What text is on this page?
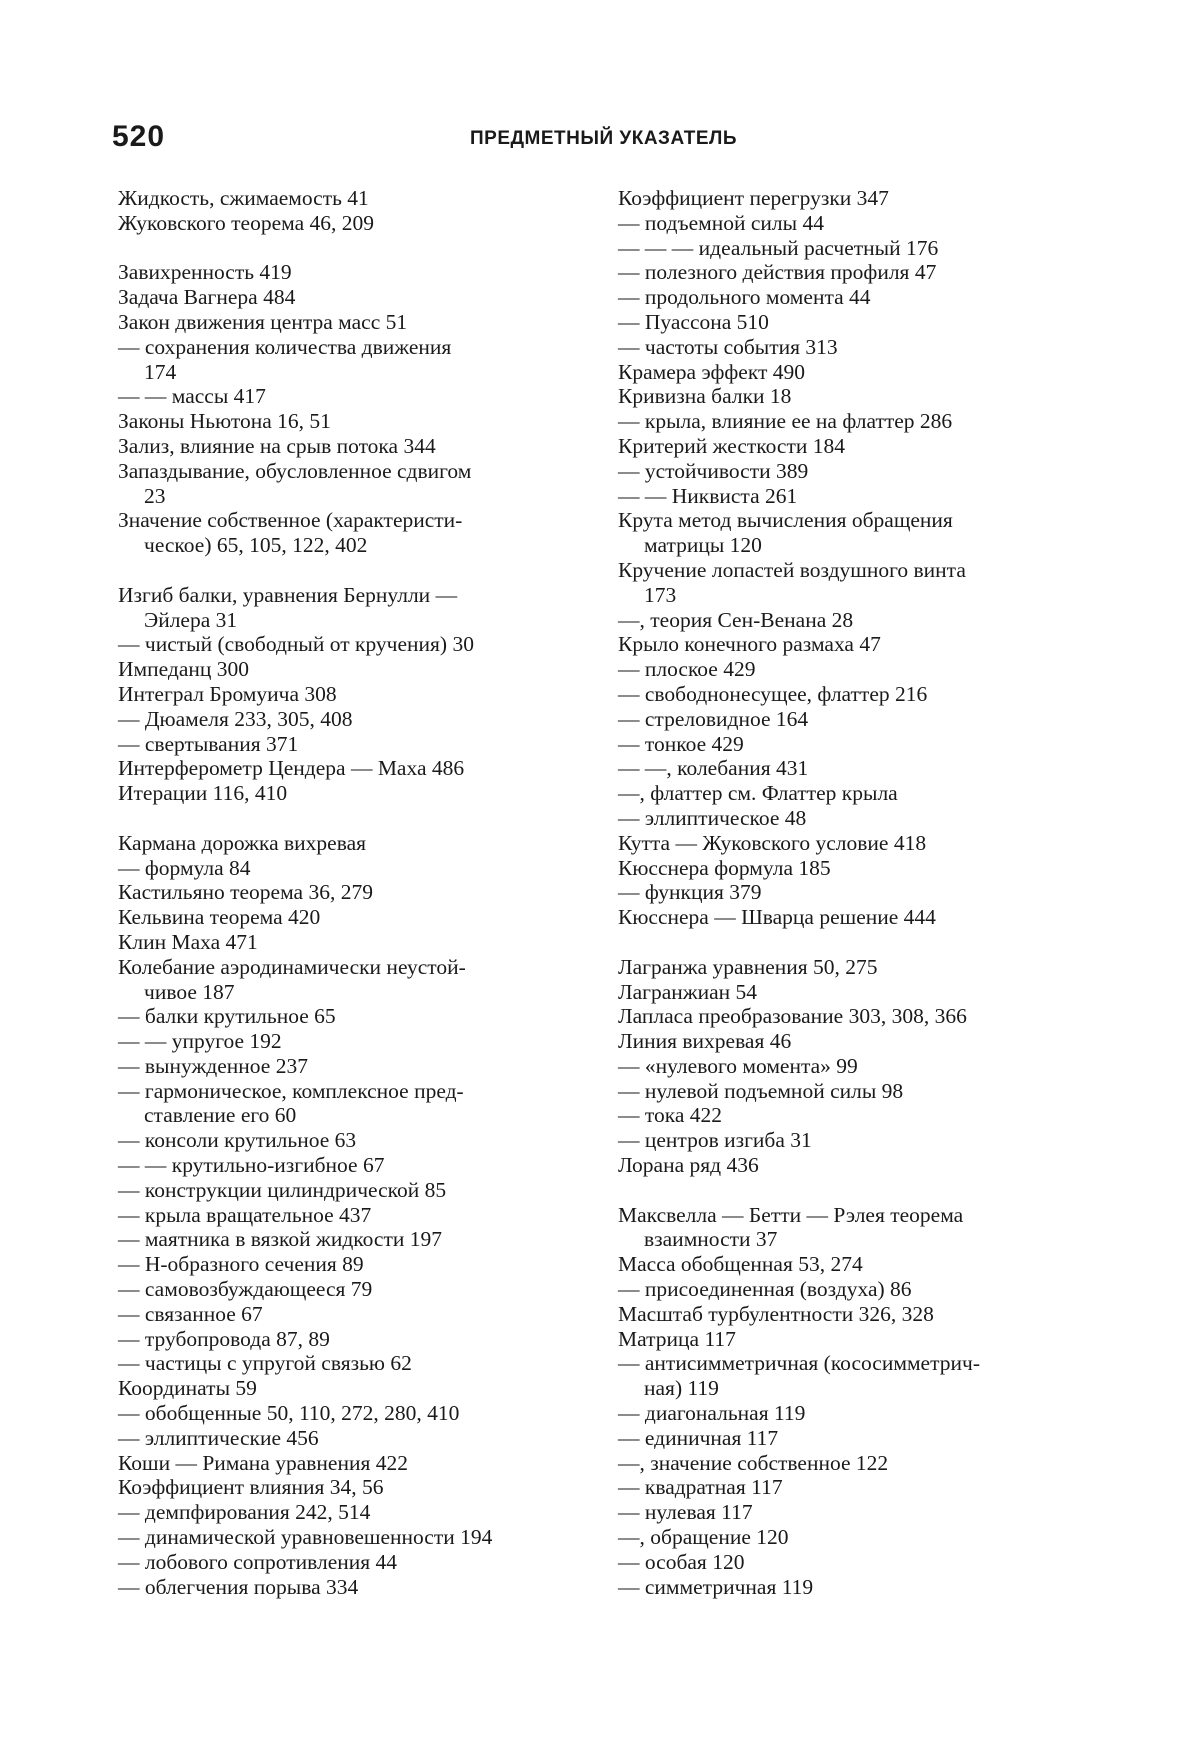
520	ПРЕДМЕТНЫЙ УКАЗАТЕЛЬ
Жидкость, сжимаемость 41
Жуковского теорема 46, 209
Завихренность 419
Задача Вагнера 484
Закон движения центра масс 51
— сохранения количества движения
174
— — массы 417
Законы Ньютона 16, 51
Зализ, влияние на срыв потока 344
Запаздывание, обусловленное сдвигом
23
Значение собственное (характеристи-
ческое) 65, 105, 122, 402
Изгиб балки, уравнения Бернулли —
Эйлера 31
— чистый (свободный от кручения) 30
Импеданц 300
Интеграл Бромуича 308
— Дюамеля 233, 305, 408
— свертывания 371
Интерферометр Цендера — Маха 486
Итерации 116, 410
Кармана дорожка вихревая
— формула 84
Кастильяно теорема 36, 279
Кельвина теорема 420
Клин Маха 471
Колебание аэродинамически неустой-
чивое 187
— балки крутильное 65
— — упругое 192
— вынужденное 237
— гармоническое, комплексное пред-
ставление его 60
— консоли крутильное 63
— — крутильно-изгибное 67
— конструкции цилиндрической 85
— крыла вращательное 437
— маятника в вязкой жидкости 197
— Н-образного сечения 89
— самовозбуждающееся 79
— связанное 67
— трубопровода 87, 89
— частицы с упругой связью 62
Координаты 59
— обобщенные 50, 110, 272, 280, 410
— эллиптические 456
Коши — Римана уравнения 422
Коэффициент влияния 34, 56
— демпфирования 242, 514
— динамической уравновешенности 194
— лобового сопротивления 44
— облегчения порыва 334
Коэффициент перегрузки 347
— подъемной силы 44
— — — идеальный расчетный 176
— полезного действия профиля 47
— продольного момента 44
— Пуассона 510
— частоты события 313
Крамера эффект 490
Кривизна балки 18
— крыла, влияние ее на флаттер 286
Критерий жесткости 184
— устойчивости 389
— — Никвиста 261
Крута метод вычисления обращения
матрицы 120
Кручение лопастей воздушного винта
173
—, теория Сен-Венана 28
Крыло конечного размаха 47
— плоское 429
— свободнонесущее, флаттер 216
— стреловидное 164
— тонкое 429
— —, колебания 431
—, флаттер см. Флаттер крыла
— эллиптическое 48
Кутта — Жуковского условие 418
Кюсснера формула 185
— функция 379
Кюсснера — Шварца решение 444
Лагранжа уравнения 50, 275
Лагранжиан 54
Лапласа преобразование 303, 308, 366
Линия вихревая 46
— «нулевого момента» 99
— нулевой подъемной силы 98
— тока 422
— центров изгиба 31
Лорана ряд 436
Максвелла — Бетти — Рэлея теорема
взаимности 37
Масса обобщенная 53, 274
— присоединенная (воздуха) 86
Масштаб турбулентности 326, 328
Матрица 117
— антисимметричная (кососимметрич-
ная) 119
— диагональная 119
— единичная 117
—, значение собственное 122
— квадратная 117
— нулевая 117
—, обращение 120
— особая 120
— симметричная 119
